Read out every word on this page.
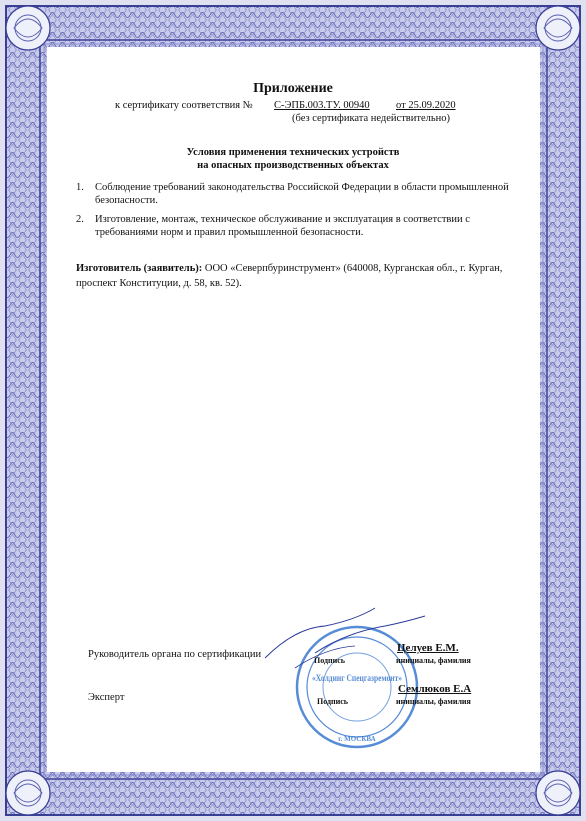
Приложение
к сертификату соответствия № С-ЭПБ.003.ТУ. 00940	от 25.09.2020
(без сертификата недействительно)
Условия применения технических устройств
на опасных производственных объектах
1. Соблюдение требований законодательства Российской Федерации в области промышленной безопасности.
2. Изготовление, монтаж, техническое обслуживание и эксплуатация в соответствии с требованиями норм и правил промышленной безопасности.
Изготовитель (заявитель): ООО «Северпбуринструмент» (640008, Курганская обл., г. Курган, проспект Конституции, д. 58, кв. 52).
«Холдинг Спецгазремонт»
г. МОСКВА
Руководитель органа по сертификации
Целуев Е.М.
Подпись	инициалы, фамилия
Эксперт
Семлюков Е.А
Подпись	инициалы, фамилия
